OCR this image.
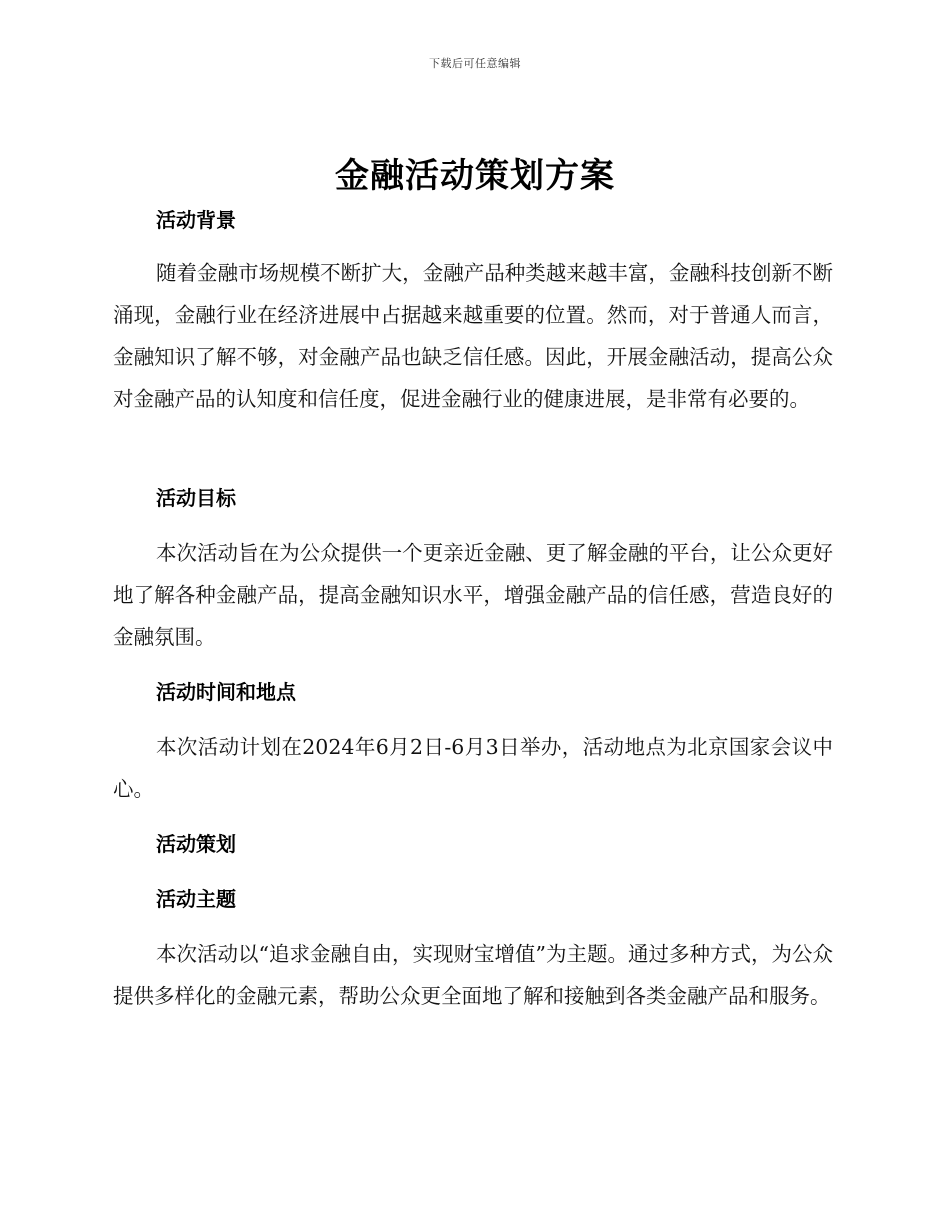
下载后可任意编辑
金融活动策划方案
活动背景
随着金融市场规模不断扩大，金融产品种类越来越丰富，金融科技创新不断涌现，金融行业在经济进展中占据越来越重要的位置。然而，对于普通人而言，金融知识了解不够，对金融产品也缺乏信任感。因此，开展金融活动，提高公众对金融产品的认知度和信任度，促进金融行业的健康进展，是非常有必要的。
活动目标
本次活动旨在为公众提供一个更亲近金融、更了解金融的平台，让公众更好地了解各种金融产品，提高金融知识水平，增强金融产品的信任感，营造良好的金融氛围。
活动时间和地点
本次活动计划在2024年6月2日-6月3日举办，活动地点为北京国家会议中心。
活动策划
活动主题
本次活动以“追求金融自由，实现财宝增值”为主题。通过多种方式，为公众提供多样化的金融元素，帮助公众更全面地了解和接触到各类金融产品和服务。
